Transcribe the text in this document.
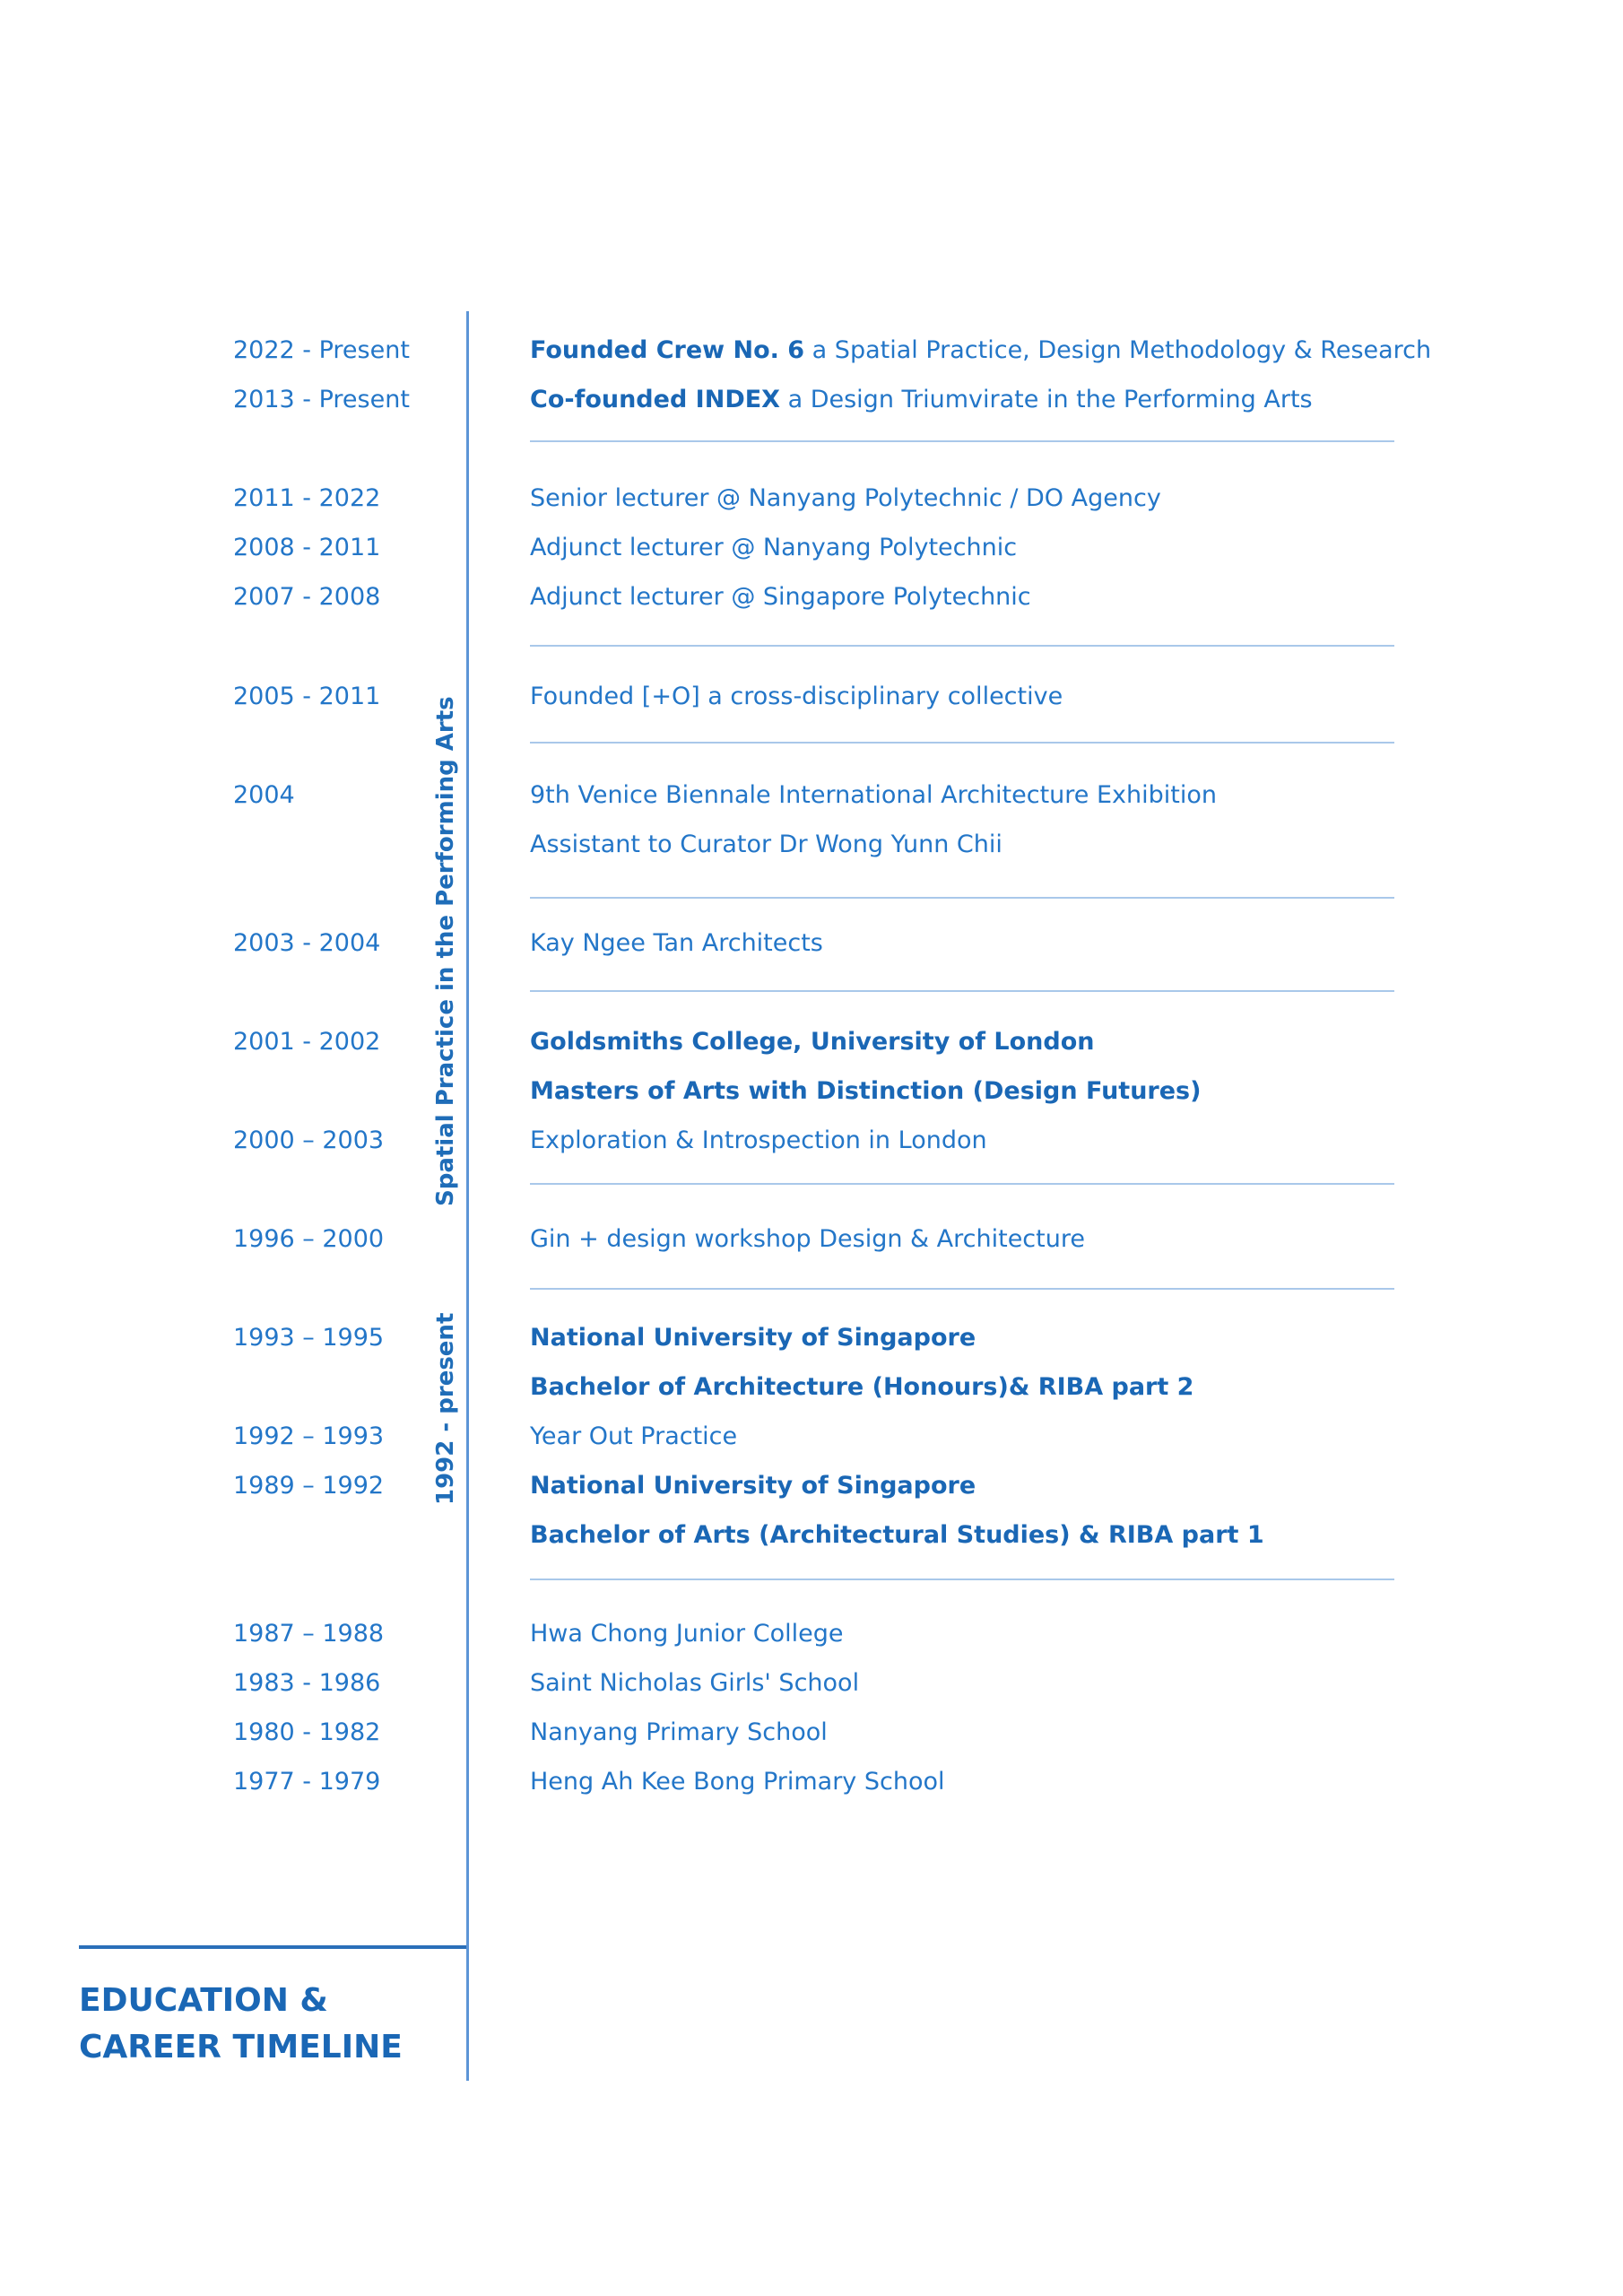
2022 - Present	Founded Crew No. 6 a Spatial Practice, Design Methodology & Research
2013 - Present	Co-founded INDEX a Design Triumvirate in the Performing Arts
2011 - 2022	Senior lecturer @ Nanyang Polytechnic / DO Agency
2008 - 2011	Adjunct lecturer @ Nanyang Polytechnic
2007 - 2008	Adjunct lecturer @ Singapore Polytechnic
2005 - 2011	Founded [+O] a cross-disciplinary collective
2004	9th Venice Biennale International Architecture Exhibition
Assistant to Curator Dr Wong Yunn Chii
2003 - 2004	Kay Ngee Tan Architects
2001 - 2002	Goldsmiths College, University of London
Masters of Arts with Distinction (Design Futures)
2000 – 2003	Exploration & Introspection in London
1996 – 2000	Gin + design workshop Design & Architecture
1993 – 1995	National University of Singapore
Bachelor of Architecture (Honours)& RIBA part 2
1992 – 1993	Year Out Practice
1989 – 1992	National University of Singapore
Bachelor of Arts (Architectural Studies) & RIBA part 1
1987 – 1988	Hwa Chong Junior College
1983 - 1986	Saint Nicholas Girls' School
1980 - 1982	Nanyang Primary School
1977 - 1979	Heng Ah Kee Bong Primary School
Spatial Practice in the Performing Arts
1992 - present
EDUCATION &
CAREER TIMELINE
